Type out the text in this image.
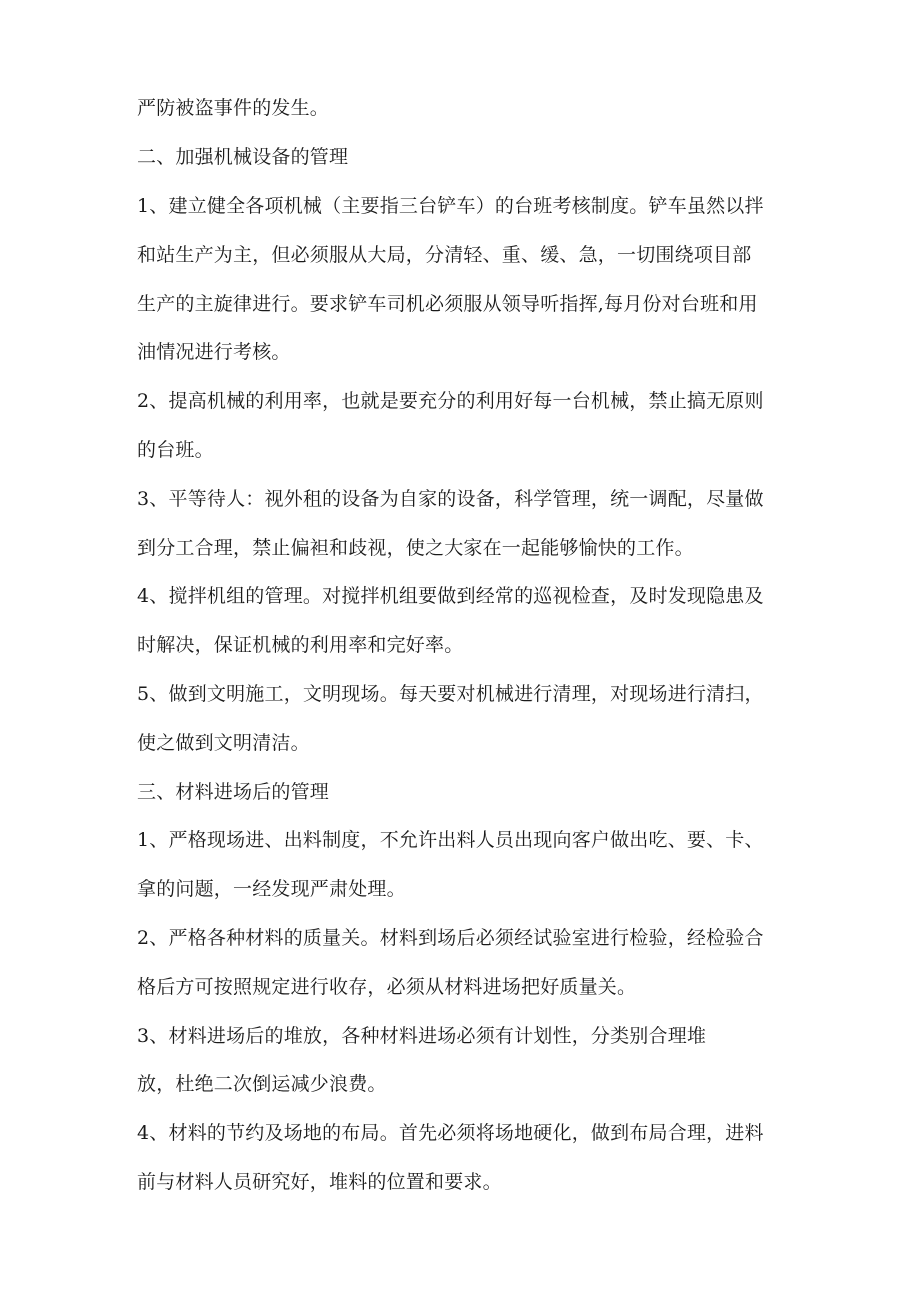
严防被盗事件的发生。
二、加强机械设备的管理
1、建立健全各项机械（主要指三台铲车）的台班考核制度。铲车虽然以拌
和站生产为主，但必须服从大局，分清轻、重、缓、急，一切围绕项目部
生产的主旋律进行。要求铲车司机必须服从领导听指挥,每月份对台班和用
油情况进行考核。
2、提高机械的利用率，也就是要充分的利用好每一台机械，禁止搞无原则
的台班。
3、平等待人：视外租的设备为自家的设备，科学管理，统一调配，尽量做
到分工合理，禁止偏袒和歧视，使之大家在一起能够愉快的工作。
4、搅拌机组的管理。对搅拌机组要做到经常的巡视检查，及时发现隐患及
时解决，保证机械的利用率和完好率。
5、做到文明施工，文明现场。每天要对机械进行清理，对现场进行清扫，
使之做到文明清洁。
三、材料进场后的管理
1、严格现场进、出料制度，不允许出料人员出现向客户做出吃、要、卡、
拿的问题，一经发现严肃处理。
2、严格各种材料的质量关。材料到场后必须经试验室进行检验，经检验合
格后方可按照规定进行收存，必须从材料进场把好质量关。
3、材料进场后的堆放，各种材料进场必须有计划性，分类别合理堆
放，杜绝二次倒运减少浪费。
4、材料的节约及场地的布局。首先必须将场地硬化，做到布局合理，进料
前与材料人员研究好，堆料的位置和要求。
